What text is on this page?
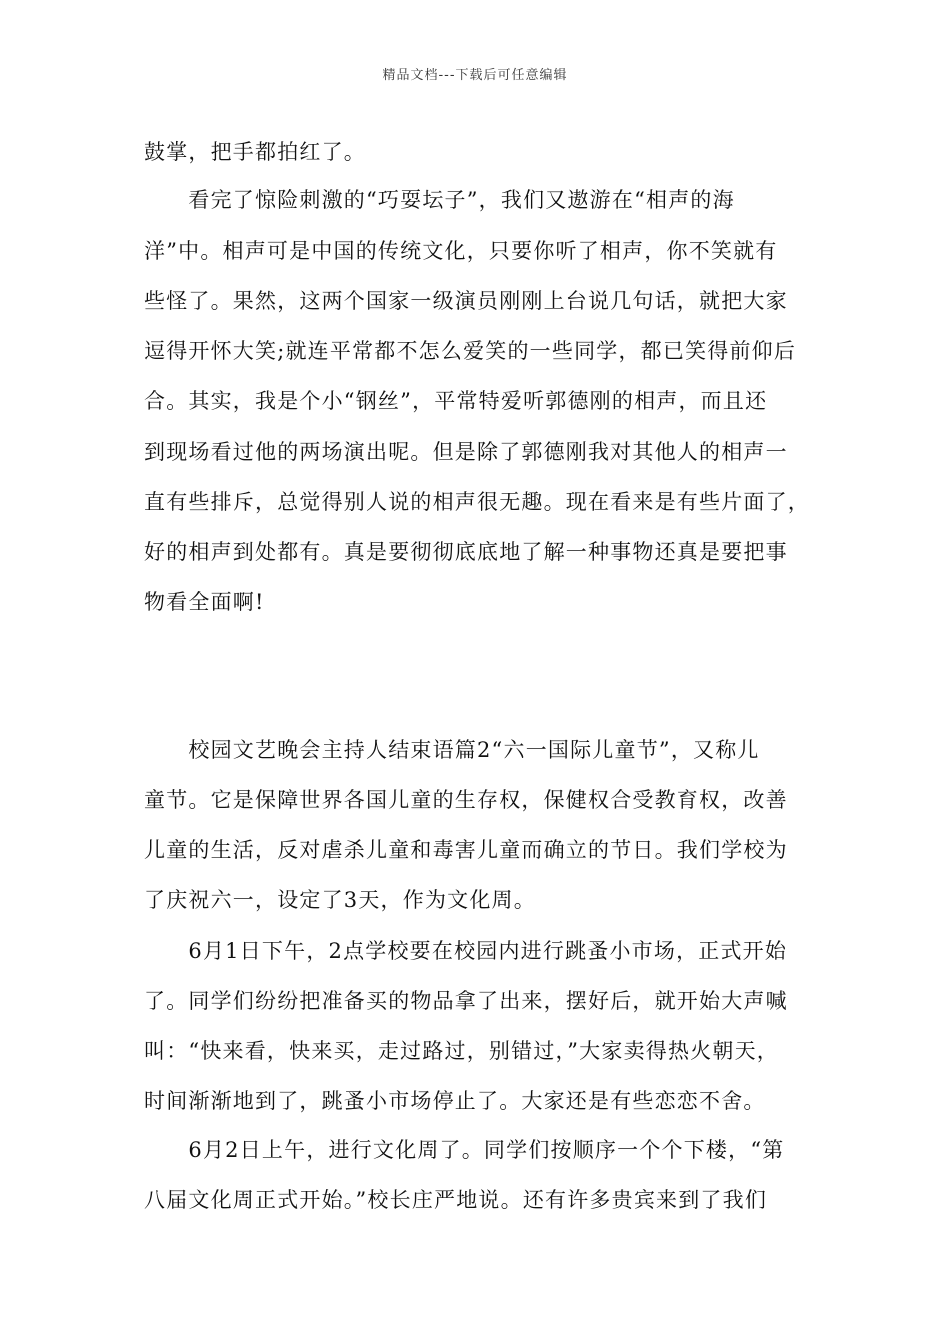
精品文档---下载后可任意编辑
鼓掌，把手都拍红了。
　　看完了惊险刺激的“巧耍坛子”，我们又遨游在“相声的海
洋”中。相声可是中国的传统文化，只要你听了相声，你不笑就有
些怪了。果然，这两个国家一级演员刚刚上台说几句话，就把大家
逗得开怀大笑;就连平常都不怎么爱笑的一些同学，都已笑得前仰后
合。其实，我是个小“钢丝”，平常特爱听郭德刚的相声，而且还
到现场看过他的两场演出呢。但是除了郭德刚我对其他人的相声一
直有些排斥，总觉得别人说的相声很无趣。现在看来是有些片面了，
好的相声到处都有。真是要彻彻底底地了解一种事物还真是要把事
物看全面啊!
　　校园文艺晚会主持人结束语篇2“六一国际儿童节”，又称儿
童节。它是保障世界各国儿童的生存权，保健权合受教育权，改善
儿童的生活，反对虐杀儿童和毒害儿童而确立的节日。我们学校为
了庆祝六一，设定了3天，作为文化周。
　　6月1日下午，2点学校要在校园内进行跳蚤小市场，正式开始
了。同学们纷纷把准备买的物品拿了出来，摆好后，就开始大声喊
叫：“快来看，快来买，走过路过，别错过，”大家卖得热火朝天，
时间渐渐地到了，跳蚤小市场停止了。大家还是有些恋恋不舍。
　　6月2日上午，进行文化周了。同学们按顺序一个个下楼，“第
八届文化周正式开始。”校长庄严地说。还有许多贵宾来到了我们
